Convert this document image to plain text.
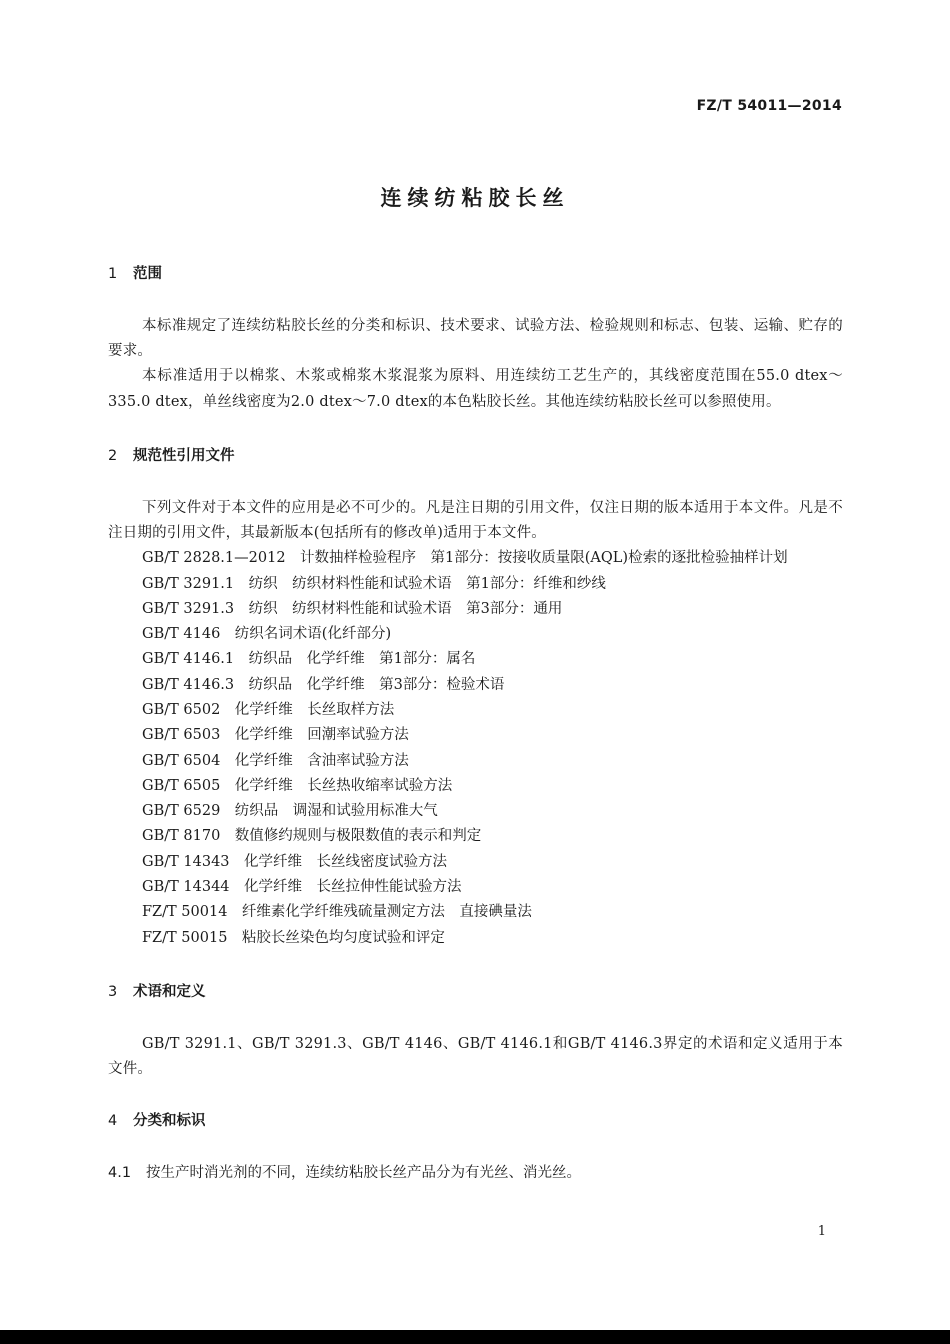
FZ/T 54011—2014
连续纺粘胶长丝
1 范围

本标准规定了连续纺粘胶长丝的分类和标识、技术要求、试验方法、检验规则和标志、包装、运输、贮存的要求。

本标准适用于以棉浆、木浆或棉浆木浆混浆为原料、用连续纺工艺生产的，其线密度范围在55.0 dtex～335.0 dtex，单丝线密度为2.0 dtex～7.0 dtex的本色粘胶长丝。其他连续纺粘胶长丝可以参照使用。

2 规范性引用文件

下列文件对于本文件的应用是必不可少的。凡是注日期的引用文件，仅注日期的版本适用于本文件。凡是不注日期的引用文件，其最新版本(包括所有的修改单)适用于本文件。

GB/T 2828.1—2012　计数抽样检验程序　第1部分：按接收质量限(AQL)检索的逐批检验抽样计划
GB/T 3291.1　纺织　纺织材料性能和试验术语　第1部分：纤维和纱线
GB/T 3291.3　纺织　纺织材料性能和试验术语　第3部分：通用
GB/T 4146　纺织名词术语(化纤部分)
GB/T 4146.1　纺织品　化学纤维　第1部分：属名
GB/T 4146.3　纺织品　化学纤维　第3部分：检验术语
GB/T 6502　化学纤维　长丝取样方法
GB/T 6503　化学纤维　回潮率试验方法
GB/T 6504　化学纤维　含油率试验方法
GB/T 6505　化学纤维　长丝热收缩率试验方法
GB/T 6529　纺织品　调湿和试验用标准大气
GB/T 8170　数值修约规则与极限数值的表示和判定
GB/T 14343　化学纤维　长丝线密度试验方法
GB/T 14344　化学纤维　长丝拉伸性能试验方法
FZ/T 50014　纤维素化学纤维残硫量测定方法　直接碘量法
FZ/T 50015　粘胶长丝染色均匀度试验和评定
3 术语和定义

GB/T 3291.1、GB/T 3291.3、GB/T 4146、GB/T 4146.1和GB/T 4146.3界定的术语和定义适用于本文件。

4 分类和标识

4.1 按生产时消光剂的不同，连续纺粘胶长丝产品分为有光丝、消光丝。

1
